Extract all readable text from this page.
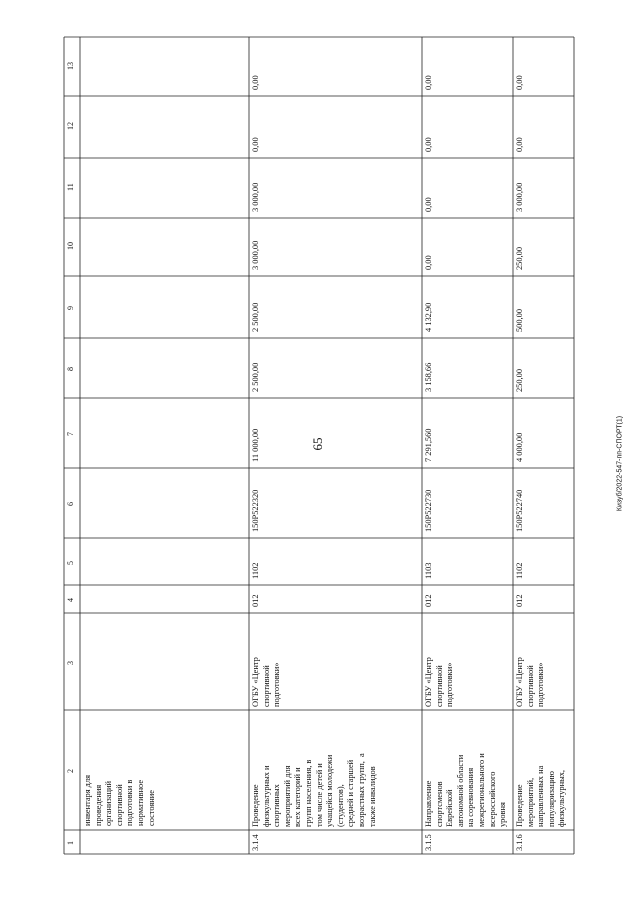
65	Кизуб/2022-547-пп-СПОРТ(1)
1
2
3
4
5
6
7
8
9
10
11
12
13
инвентаря для
проведения
организаций
спортивной
подготовки в
нормативное
состояние
3.1.4
Проведение
физкультурных и
спортивных
мероприятий для
всех категорий и
групп населения, в
том числе детей и
учащейся молодежи
(студентов),
средней и старшей
возрастных групп,  а
также инвалидов
ОГБУ «Центр
спортивной
подготовки»
012
1102
150Р522320
11 000,00
2 500,00
2 500,00
3 000,00
3 000,00
0,00
0,00
3.1.5
Направление
спортсменов
Еврейской
автономной области
на соревнования
межрегионального и
всероссийского
уровня
ОГБУ «Центр
спортивной
подготовки»
012
1103
150Р522730
7 291,560
3 158,66
4 132,90
0,00
0,00
0,00
0,00
3.1.6
Проведение
мероприятий,
направленных на
популяризацию
физкультурных,
ОГБУ «Центр
спортивной
подготовки»
012
1102
150Р522740
4 000,00
250,00
500,00
250,00
3 000,00
0,00
0,00
